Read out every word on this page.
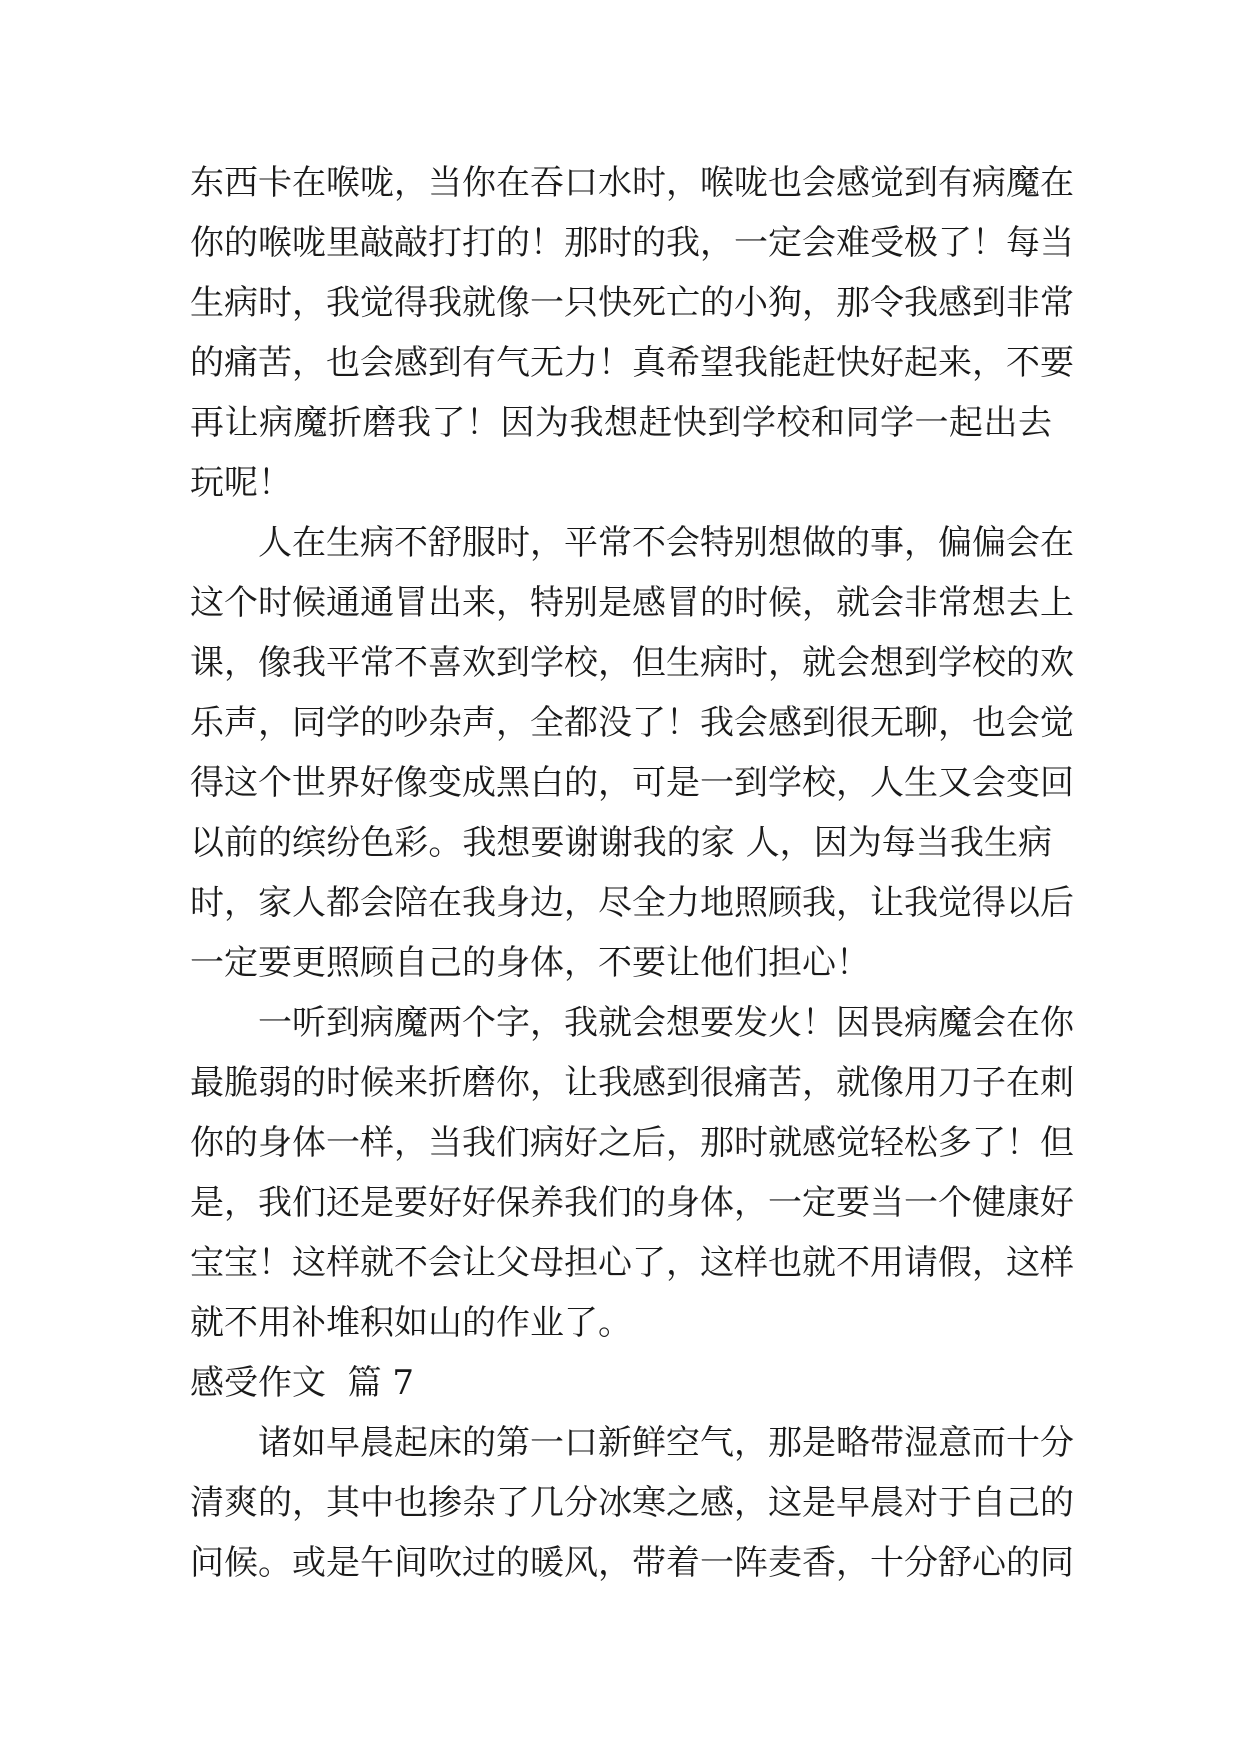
东西卡在喉咙，当你在吞口水时，喉咙也会感觉到有病魔在
你的喉咙里敲敲打打的！那时的我，一定会难受极了！每当
生病时，我觉得我就像一只快死亡的小狗，那令我感到非常
的痛苦，也会感到有气无力！真希望我能赶快好起来，不要
再让病魔折磨我了！因为我想赶快到学校和同学一起出去
玩呢！
人在生病不舒服时，平常不会特别想做的事，偏偏会在
这个时候通通冒出来，特别是感冒的时候，就会非常想去上
课，像我平常不喜欢到学校，但生病时，就会想到学校的欢
乐声，同学的吵杂声，全都没了！我会感到很无聊，也会觉
得这个世界好像变成黑白的，可是一到学校，人生又会变回
以前的缤纷色彩。我想要谢谢我的家 人，因为每当我生病
时，家人都会陪在我身边，尽全力地照顾我，让我觉得以后
一定要更照顾自己的身体，不要让他们担心！
一听到病魔两个字，我就会想要发火！因畏病魔会在你
最脆弱的时候来折磨你，让我感到很痛苦，就像用刀子在刺
你的身体一样，当我们病好之后，那时就感觉轻松多了！但
是，我们还是要好好保养我们的身体，一定要当一个健康好
宝宝！这样就不会让父母担心了，这样也就不用请假，这样
就不用补堆积如山的作业了。
感受作文  篇 7
诸如早晨起床的第一口新鲜空气，那是略带湿意而十分
清爽的，其中也掺杂了几分冰寒之感，这是早晨对于自己的
问候。或是午间吹过的暖风，带着一阵麦香，十分舒心的同
